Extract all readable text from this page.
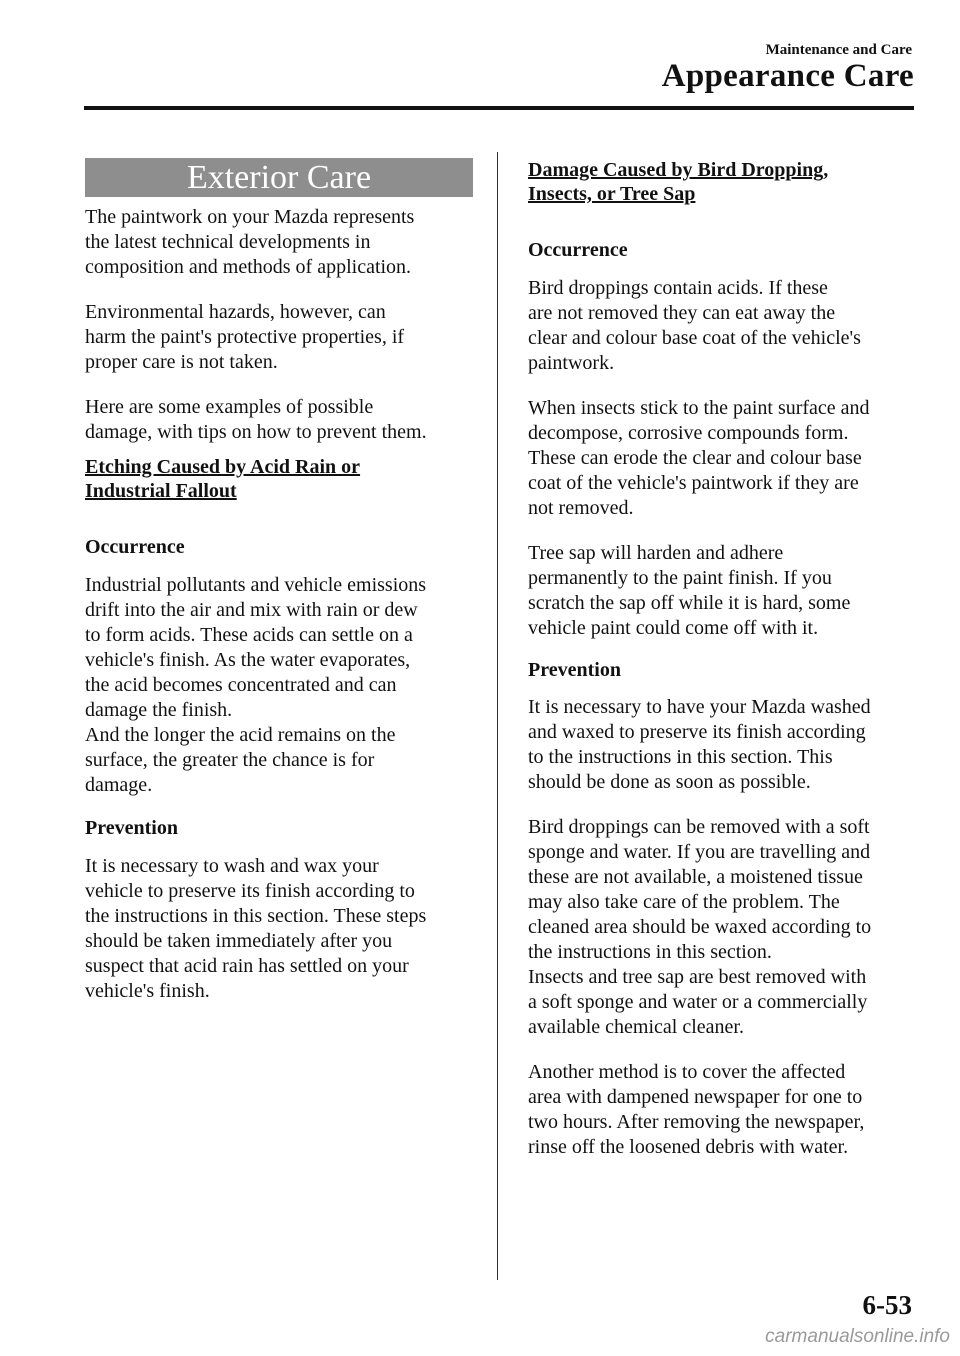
Maintenance and Care
Appearance Care
Exterior Care

The paintwork on your Mazda represents
the latest technical developments in
composition and methods of application.

Environmental hazards, however, can
harm the paint's protective properties, if
proper care is not taken.

Here are some examples of possible
damage, with tips on how to prevent them.

Etching Caused by Acid Rain or
Industrial Fallout
Occurrence

Industrial pollutants and vehicle emissions
drift into the air and mix with rain or dew
to form acids. These acids can settle on a
vehicle's finish. As the water evaporates,
the acid becomes concentrated and can
damage the finish.
And the longer the acid remains on the
surface, the greater the chance is for
damage.

Prevention

It is necessary to wash and wax your
vehicle to preserve its finish according to
the instructions in this section. These steps
should be taken immediately after you
suspect that acid rain has settled on your
vehicle's finish.

Damage Caused by Bird Dropping,
Insects, or Tree Sap
Occurrence

Bird droppings contain acids. If these
are not removed they can eat away the
clear and colour base coat of the vehicle's
paintwork.

When insects stick to the paint surface and
decompose, corrosive compounds form.
These can erode the clear and colour base
coat of the vehicle's paintwork if they are
not removed.

Tree sap will harden and adhere
permanently to the paint finish. If you
scratch the sap off while it is hard, some
vehicle paint could come off with it.

Prevention

It is necessary to have your Mazda washed
and waxed to preserve its finish according
to the instructions in this section. This
should be done as soon as possible.

Bird droppings can be removed with a soft
sponge and water. If you are travelling and
these are not available, a moistened tissue
may also take care of the problem. The
cleaned area should be waxed according to
the instructions in this section.
Insects and tree sap are best removed with
a soft sponge and water or a commercially
available chemical cleaner.

Another method is to cover the affected
area with dampened newspaper for one to
two hours. After removing the newspaper,
rinse off the loosened debris with water.

6-53
carmanualsonline.info
